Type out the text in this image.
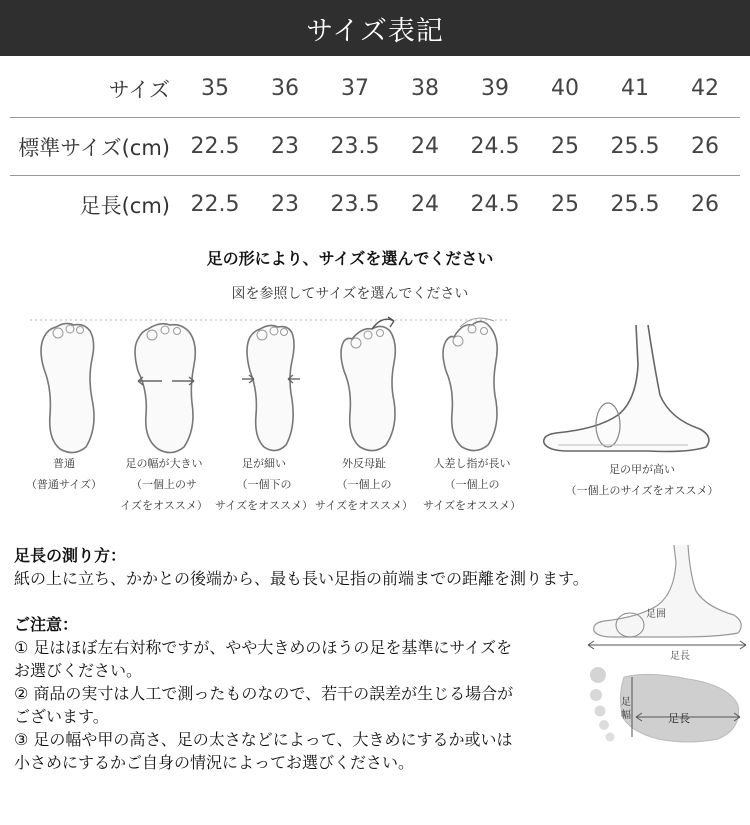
サイズ表記
サイズ	35	36	37	38	39	40	41	42
標準サイズ(cm) 22.5	23	23.5	24	24.5	25	25.5	26
足長(cm) 22.5	23	23.5	24	24.5	25	25.5	26
足の形により、サイズを選んでください
図を参照してサイズを選んでください
普通
（普通サイズ）
足の幅が大きい
（一個上のサ
イズをオススメ）
足が細い
（一個下の
サイズをオススメ）
外反母趾
（一個上の
サイズをオススメ）
人差し指が長い
（一個上の
サイズをオススメ）
足の甲が高い
（一個上のサイズをオススメ）

足長の測り方：

紙の上に立ち、かかとの後端から、最も長い足指の前端までの距離を測ります。

ご注意：

① 足はほぼ左右対称ですが、やや大きめのほうの足を基準にサイズを

お選びください。

② 商品の実寸は人工で測ったものなので、若干の誤差が生じる場合が

ございます。

③ 足の幅や甲の高さ、足の太さなどによって、大きめにするか或いは

小さめにするかご自身の情況によってお選びください。

足囲
足長
足幅	足長
